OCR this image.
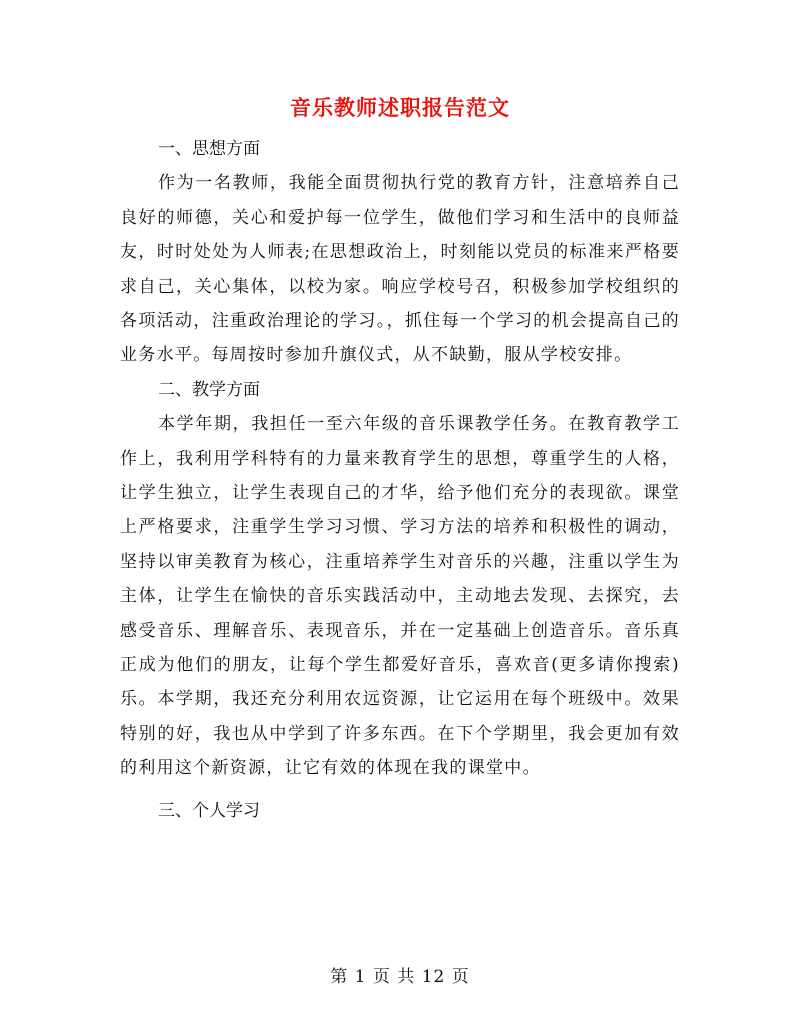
音乐教师述职报告范文

一、思想方面

作为一名教师，我能全面贯彻执行党的教育方针，注意培养自己良好的师德，关心和爱护每一位学生，做他们学习和生活中的良师益友，时时处处为人师表;在思想政治上，时刻能以党员的标准来严格要求自己，关心集体，以校为家。响应学校号召，积极参加学校组织的各项活动，注重政治理论的学习。，抓住每一个学习的机会提高自己的业务水平。每周按时参加升旗仪式，从不缺勤，服从学校安排。

二、教学方面

本学年期，我担任一至六年级的音乐课教学任务。在教育教学工作上，我利用学科特有的力量来教育学生的思想，尊重学生的人格，让学生独立，让学生表现自己的才华，给予他们充分的表现欲。课堂上严格要求，注重学生学习习惯、学习方法的培养和积极性的调动，坚持以审美教育为核心，注重培养学生对音乐的兴趣，注重以学生为主体，让学生在愉快的音乐实践活动中，主动地去发现、去探究，去感受音乐、理解音乐、表现音乐，并在一定基础上创造音乐。音乐真正成为他们的朋友，让每个学生都爱好音乐，喜欢音(更多请你搜索)乐。本学期，我还充分利用农远资源，让它运用在每个班级中。效果特别的好，我也从中学到了许多东西。在下个学期里，我会更加有效的利用这个新资源，让它有效的体现在我的课堂中。

三、个人学习

第 1 页 共 12 页
